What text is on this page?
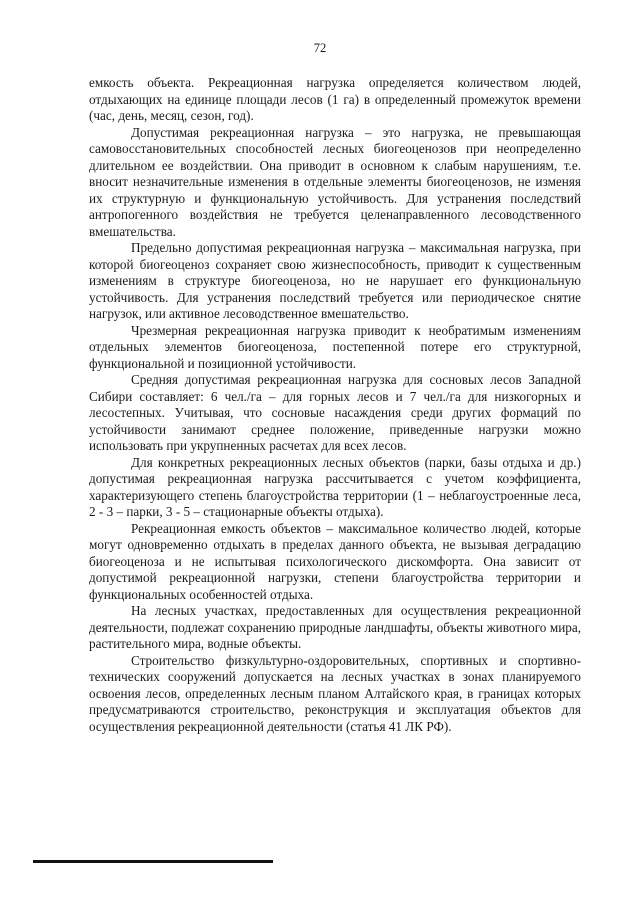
72

емкость объекта. Рекреационная нагрузка определяется количеством людей, отдыхающих на единице площади лесов (1 га) в определенный промежуток времени (час, день, месяц, сезон, год).

Допустимая рекреационная нагрузка – это нагрузка, не превышающая самовосстановительных способностей лесных биогеоценозов при неопределенно длительном ее воздействии. Она приводит в основном к слабым нарушениям, т.е. вносит незначительные изменения в отдельные элементы биогеоценозов, не изменяя их структурную и функциональную устойчивость. Для устранения последствий антропогенного воздействия не требуется целенаправленного лесоводственного вмешательства.

Предельно допустимая рекреационная нагрузка – максимальная нагрузка, при которой биогеоценоз сохраняет свою жизнеспособность, приводит к существенным изменениям в структуре биогеоценоза, но не нарушает его функциональную устойчивость. Для устранения последствий требуется или периодическое снятие нагрузок, или активное лесоводственное вмешательство.

Чрезмерная рекреационная нагрузка приводит к необратимым изменениям отдельных элементов биогеоценоза, постепенной потере его структурной, функциональной и позиционной устойчивости.

Средняя допустимая рекреационная нагрузка для сосновых лесов Западной Сибири составляет: 6 чел./га – для горных лесов и 7 чел./га для низкогорных и лесостепных. Учитывая, что сосновые насаждения среди других формаций по устойчивости занимают среднее положение, приведенные нагрузки можно использовать при укрупненных расчетах для всех лесов.

Для конкретных рекреационных лесных объектов (парки, базы отдыха и др.) допустимая рекреационная нагрузка рассчитывается с учетом коэффициента, характеризующего степень благоустройства территории (1 – неблагоустроенные леса, 2 - 3 – парки, 3 - 5 – стационарные объекты отдыха).

Рекреационная емкость объектов – максимальное количество людей, которые могут одновременно отдыхать в пределах данного объекта, не вызывая деградацию биогеоценоза и не испытывая психологического дискомфорта. Она зависит от допустимой рекреационной нагрузки, степени благоустройства территории и функциональных особенностей отдыха.

На лесных участках, предоставленных для осуществления рекреационной деятельности, подлежат сохранению природные ландшафты, объекты животного мира, растительного мира, водные объекты.

Строительство физкультурно-оздоровительных, спортивных и спортивно-технических сооружений допускается на лесных участках в зонах планируемого освоения лесов, определенных лесным планом Алтайского края, в границах которых предусматриваются строительство, реконструкция и эксплуатация объектов для осуществления рекреационной деятельности (статья 41 ЛК РФ).
